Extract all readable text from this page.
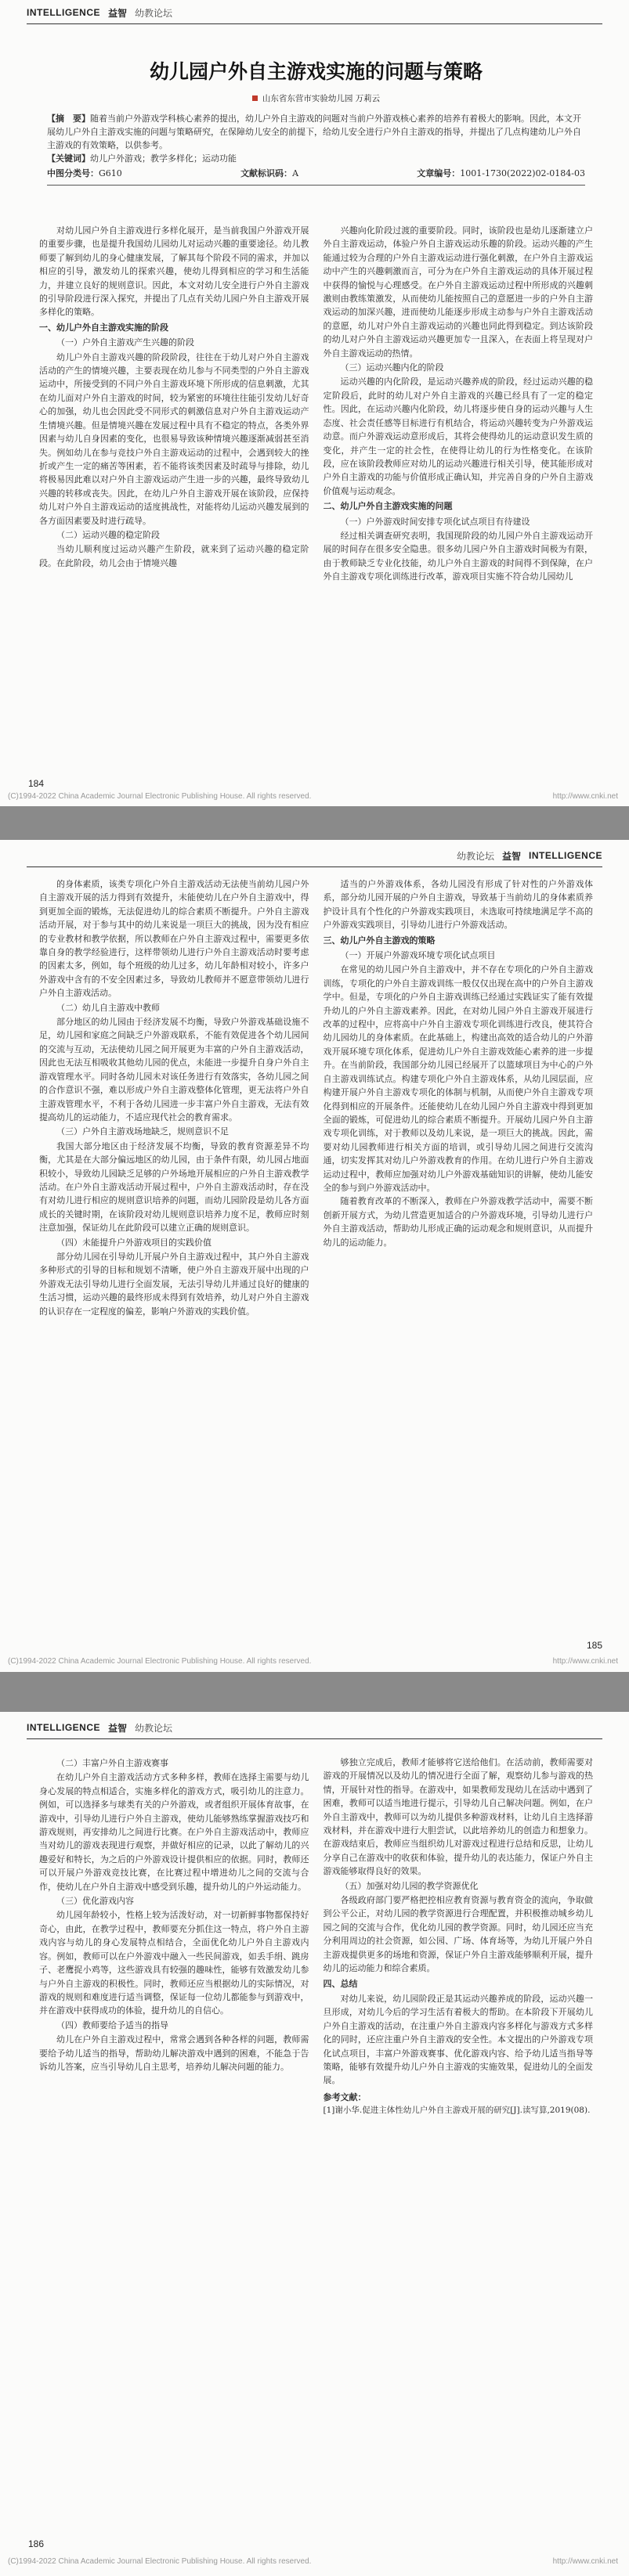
INTELLIGENCE 益智 幼教论坛
幼儿园户外自主游戏实施的问题与策略
山东省东营市实验幼儿园 万莉云
【摘　要】随着当前户外游戏学科核心素养的提出，幼儿户外自主游戏的问题对当前户外游戏核心素养的培养有着极大的影响。因此，本文开展幼儿户外自主游戏实施的问题与策略研究，在保障幼儿安全的前提下，给幼儿安全进行户外自主游戏的指导，并提出了几点构建幼儿户外自主游戏的有效策略，以供参考。
【关键词】幼儿户外游戏；教学多样化；运动功能
中图分类号：G610	文献标识码：A	文章编号：1001-1730(2022)02-0184-03

对幼儿园户外自主游戏进行多样化展开，是当前我国户外游戏开展的重要步骤，也是提升我国幼儿园幼儿对运动兴趣的重要途径。幼儿教师要了解到幼儿的身心健康发展，了解其每个阶段不同的需求，并加以相应的引导，激发幼儿的探索兴趣，使幼儿得到相应的学习和生活能力，并建立良好的规则意识。因此，本文对幼儿安全进行户外自主游戏的引导阶段进行深入探究，并提出了几点有关幼儿园户外自主游戏开展多样化的策略。

一、幼儿户外自主游戏实施的阶段

（一）户外自主游戏产生兴趣的阶段

幼儿户外自主游戏兴趣的阶段阶段，往往在于幼儿对户外自主游戏活动的产生的情境兴趣，主要表现在幼儿参与不同类型的户外自主游戏运动中，所接受到的不同户外自主游戏环境下所形成的信息刺激，尤其在幼儿面对户外自主游戏的时间，较为紧密的环境往往能引发幼儿好奇心的加强，幼儿也会因此受不同形式的刺激信息对户外自主游戏运动产生情境兴趣。但是情境兴趣在发展过程中具有不稳定的特点，各类外界因素与幼儿自身因素的变化，也很易导致该种情境兴趣逐渐减弱甚至消失。例如幼儿在参与竞技户外自主游戏运动的过程中，会遇到较大的挫折或产生一定的痛苦等困素，若不能将该类因素及时疏导与排除，幼儿将极易因此难以对户外自主游戏运动产生进一步的兴趣，最终导致幼儿兴趣的转移或丧失。因此，在幼儿户外自主游戏开展在该阶段，应保持幼儿对户外自主游戏运动的适度挑战性，对能将幼儿运动兴趣发展到的各方面因素要及时进行疏导。

（二）运动兴趣的稳定阶段

当幼儿顺利度过运动兴趣产生阶段，就来到了运动兴趣的稳定阶段。在此阶段，幼儿会由于情境兴趣

兴趣向化阶段过渡的重要阶段。同时，该阶段也是幼儿逐渐建立户外自主游戏运动，体验户外自主游戏运动乐趣的阶段。运动兴趣的产生能通过较为合理的户外自主游戏运动进行强化刺激，在户外自主游戏运动中产生的兴趣刺激而言，可分为在户外自主游戏运动的具体开展过程中获得的愉悦与心理感受。在户外自主游戏运动过程中所形成的兴趣刺激则由教练策激发，从而使幼儿能按照自己的意愿进一步的户外自主游戏运动的加深兴趣，进而使幼儿能逐步形成主动参与户外自主游戏活动的意愿，幼儿对户外自主游戏运动的兴趣也同此得到稳定。到达该阶段的幼儿对户外自主游戏运动兴趣更加专一且深入，在表面上将呈现对户外自主游戏运动的热情。

（三）运动兴趣内化的阶段

运动兴趣的内化阶段，是运动兴趣养成的阶段，经过运动兴趣的稳定阶段后，此时的幼儿对户外自主游戏的兴趣已经具有了一定的稳定性。因此，在运动兴趣内化阶段，幼儿将逐步使自身的运动兴趣与人生态度、社会责任感等目标进行有机结合，将运动兴趣转变为户外游戏运动意。而户外游戏运动意形成后，其将会使得幼儿的运动意识发生质的变化，并产生一定的社会性，在使得让幼儿的行为性格变化。在该阶段，应在该阶段教师应对幼儿的运动兴趣进行相关引导，使其能形成对户外自主游戏的功能与价值形成正确认知，并完善自身的户外自主游戏价值观与运动观念。

二、幼儿户外自主游戏实施的问题

（一）户外游戏时间安排专项化试点项目有待建设

经过相关调查研究表明，我国现阶段的幼儿园户外自主游戏运动开展的时间存在很多安全隐患。很多幼儿园户外自主游戏时间极为有限，由于教师缺乏专业化技能，幼儿户外自主游戏的时间得不到保障，在户外自主游戏专项化训练进行改革，游戏项目实施不符合幼儿园幼儿

184
(C)1994-2022 China Academic Journal Electronic Publishing House. All rights reserved.	http://www.cnki.net
幼教论坛 益智 INTELLIGENCE

的身体素质，该类专项化户外自主游戏活动无法使当前幼儿园户外自主游戏开展的活力得到有效提升，未能使幼儿在户外自主游戏中，得到更加全面的锻炼，无法促进幼儿的综合素质不断提升。户外自主游戏活动开展，对于参与其中的幼儿来说是一项巨大的挑战，因为没有相应的专业教材和教学依据，所以教师在户外自主游戏过程中，需要更多依靠自身的教学经验进行，这样带领幼儿进行户外自主游戏活动时要考虑的因素太多，例如，每个班级的幼儿过多，幼儿年龄相对较小，许多户外游戏中含有的不安全因素过多，导致幼儿教师并不愿意带领幼儿进行户外自主游戏活动。

（二）幼儿自主游戏中教师

部分地区的幼儿园由于经济发展不均衡，导致户外游戏基础设施不足，幼儿园和家庭之间缺乏户外游戏联系，不能有效促进各个幼儿园间的交流与互动，无法使幼儿园之间开展更为丰富的户外自主游戏活动，因此也无法互相吸收其他幼儿园的优点，未能进一步提升自身户外自主游戏管理水平。同时各幼儿园未对该任务进行有效落实，各幼儿园之间的合作意识不强，难以形成户外自主游戏整体化管理，更无法将户外自主游戏管理水平，不利于各幼儿园进一步丰富户外自主游戏，无法有效提高幼儿的运动能力，不适应现代社会的教育需求。

（三）户外自主游戏场地缺乏，规则意识不足

我国大部分地区由于经济发展不均衡，导致的教育资源差异不均衡，尤其是在大部分偏远地区的幼儿园，由于条件有限，幼儿园占地面积较小，导致幼儿园缺乏足够的户外场地开展相应的户外自主游戏教学活动。在户外自主游戏活动开展过程中，户外自主游戏活动时，存在没有对幼儿进行相应的规则意识培养的问题，而幼儿园阶段是幼儿各方面成长的关键时期，在该阶段对幼儿规则意识培养力度不足，教师应时刻注意加强，保证幼儿在此阶段可以建立正确的规则意识。

（四）未能提升户外游戏项目的实践价值

部分幼儿园在引导幼儿开展户外自主游戏过程中，其户外自主游戏多种形式的引导的目标和规划不清晰，使户外自主游戏开展中出现的户外游戏无法引导幼儿进行全面发展，无法引导幼儿并通过良好的健康的生活习惯，运动兴趣的最终形成未得到有效培养，幼儿对户外自主游戏的认识存在一定程度的偏差，影响户外游戏的实践价值。

适当的户外游戏体系，各幼儿园没有形成了针对性的户外游戏体系，部分幼儿园开展的户外自主游戏，导致基于当前幼儿的身体素质养护设计具有个性化的户外游戏实践项目，未选取可持续地满足学不高的户外游戏实践项目，引导幼儿进行户外游戏活动。

三、幼儿户外自主游戏的策略

（一）开展户外游戏环境专项化试点项目

在常见的幼儿园户外自主游戏中，并不存在专项化的户外自主游戏训练，专项化的户外自主游戏训练一般仅仅出现在高中的户外自主游戏学中。但是，专项化的户外自主游戏训练已经通过实践证实了能有效提升幼儿的户外自主游戏素养。因此，在对幼儿园户外自主游戏开展进行改革的过程中，应将高中户外自主游戏专项化训练进行改良，使其符合幼儿园幼儿的身体素质。在此基础上，构建出高效的适合幼儿的户外游戏开展环境专项化体系，促进幼儿户外自主游戏效能心素养的进一步提升。在当前阶段，我国部分幼儿园已经展开了以篮球项目为中心的户外自主游戏训练试点。构建专项化户外自主游戏体系，从幼儿园层面，应构建开展户外自主游戏专项化的体制与机制，从而使户外自主游戏专项化得到相应的开展条件。还能使幼儿在幼儿园户外自主游戏中得到更加全面的锻炼，可促进幼儿的综合素质不断提升。开展幼儿园户外自主游戏专项化训练，对于教师以及幼儿来说，是一项巨大的挑战。因此，需要对幼儿园教师进行相关方面的培训，或引导幼儿园之间进行交流沟通，切实发挥其对幼儿户外游戏教育的作用。在幼儿进行户外自主游戏运动过程中，教师应加强对幼儿户外游戏基础知识的讲解，使幼儿能安全的参与到户外游戏活动中。

随着教育改革的不断深入，教师在户外游戏教学活动中，需要不断创新开展方式，为幼儿营造更加适合的户外游戏环境，引导幼儿进行户外自主游戏活动，帮助幼儿形成正确的运动观念和规则意识，从而提升幼儿的运动能力。

185
(C)1994-2022 China Academic Journal Electronic Publishing House. All rights reserved.	http://www.cnki.net
INTELLIGENCE 益智 幼教论坛

（二）丰富户外自主游戏赛事

在幼儿户外自主游戏活动方式多种多样，教师在选择主需要与幼儿身心发展的特点相适合，实施多样化的游戏方式，吸引幼儿的注意力。例如，可以选择多与球类有关的户外游戏，或者组织开展体育故事，在游戏中，引导幼儿进行户外自主游戏，使幼儿能够熟练掌握游戏技巧和游戏规则，再安排幼儿之间进行比赛。在户外自主游戏活动中，教师应当对幼儿的游戏表现进行观察，并做好相应的记录，以此了解幼儿的兴趣爱好和特长，为之后的户外游戏设计提供相应的依据。同时，教师还可以开展户外游戏竞技比赛，在比赛过程中增进幼儿之间的交流与合作，使幼儿在户外自主游戏中感受到乐趣，提升幼儿的户外运动能力。

（三）优化游戏内容

幼儿园年龄较小，性格上较为活泼好动，对一切新鲜事物都保持好奇心，由此，在教学过程中，教师要充分抓住这一特点，将户外自主游戏内容与幼儿的身心发展特点相结合，全面优化幼儿户外自主游戏内容。例如，教师可以在户外游戏中融入一些民间游戏，如丢手绢、跳房子、老鹰捉小鸡等，这些游戏具有较强的趣味性，能够有效激发幼儿参与户外自主游戏的积极性。同时，教师还应当根据幼儿的实际情况，对游戏的规则和难度进行适当调整，保证每一位幼儿都能参与到游戏中，并在游戏中获得成功的体验，提升幼儿的自信心。

（四）教师要给予适当的指导

幼儿在户外自主游戏过程中，常常会遇到各种各样的问题，教师需要给予幼儿适当的指导，帮助幼儿解决游戏中遇到的困难，不能急于告诉幼儿答案，应当引导幼儿自主思考，培养幼儿解决问题的能力。

够独立完成后，教师才能够将它送给他们。在活动前，教师需要对游戏的开展情况以及幼儿的情况进行全面了解，观察幼儿参与游戏的热情，开展针对性的指导。在游戏中，如果教师发现幼儿在活动中遇到了困难，教师可以适当地进行提示，引导幼儿自己解决问题。例如，在户外自主游戏中，教师可以为幼儿提供多种游戏材料，让幼儿自主选择游戏材料，并在游戏中进行大胆尝试，以此培养幼儿的创造力和想象力。在游戏结束后，教师应当组织幼儿对游戏过程进行总结和反思，让幼儿分享自己在游戏中的收获和体验，提升幼儿的表达能力，保证户外自主游戏能够取得良好的效果。

（五）加强对幼儿园的教学资源优化

各级政府部门要严格把控相应教育资源与教育资金的流向，争取做到公平公正，对幼儿园的教学资源进行合理配置，并积极推动城乡幼儿园之间的交流与合作，优化幼儿园的教学资源。同时，幼儿园还应当充分利用周边的社会资源，如公园、广场、体育场等，为幼儿开展户外自主游戏提供更多的场地和资源，保证户外自主游戏能够顺利开展，提升幼儿的运动能力和综合素质。

四、总结

对幼儿来说，幼儿园阶段正是其运动兴趣养成的阶段，运动兴趣一旦形成，对幼儿今后的学习生活有着极大的帮助。在本阶段下开展幼儿户外自主游戏的活动，在注重户外自主游戏内容多样化与游戏方式多样化的同时，还应注重户外自主游戏的安全性。本文提出的户外游戏专项化试点项目，丰富户外游戏赛事、优化游戏内容、给予幼儿适当指导等策略，能够有效提升幼儿户外自主游戏的实施效果，促进幼儿的全面发展。

参考文献：

[1]谢小华.促进主体性幼儿户外自主游戏开展的研究[J].读写算,2019(08).

186
(C)1994-2022 China Academic Journal Electronic Publishing House. All rights reserved.	http://www.cnki.net
